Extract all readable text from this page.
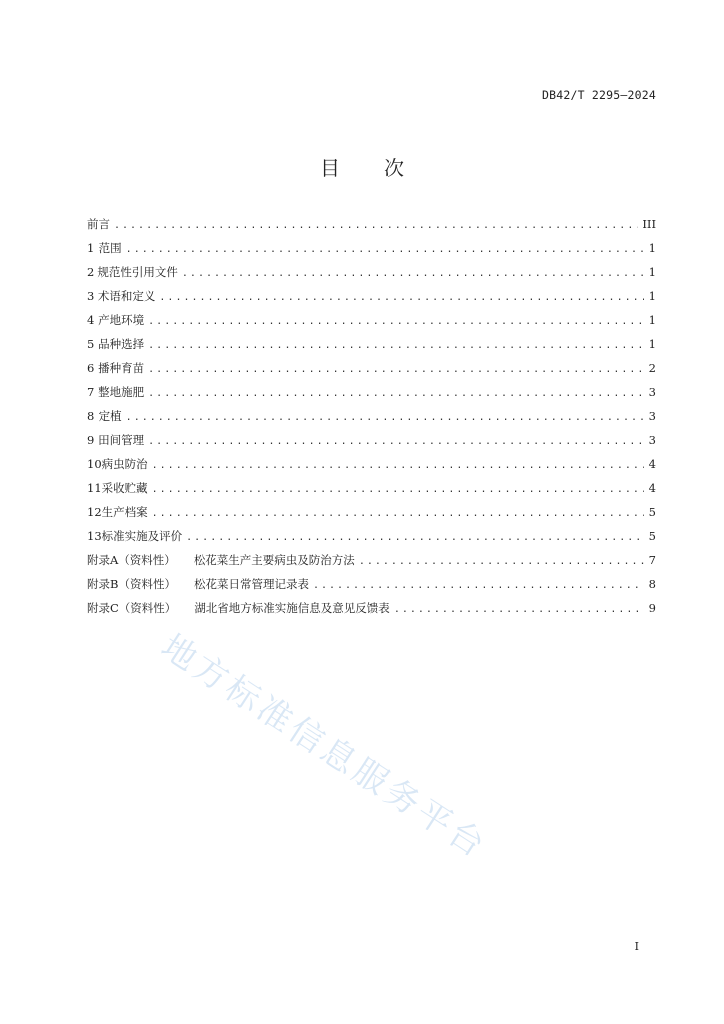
DB42/T 2295—2024
目 次
前言 .....	III
1 范围 .....	1
2 规范性引用文件 .....	1
3 术语和定义 .....	1
4 产地环境 .....	1
5 品种选择 .....	1
6 播种育苗 .....	2
7 整地施肥 .....	3
8 定植 .....	3
9 田间管理 .....	3
10 病虫防治 .....	4
11 采收贮藏 .....	4
12 生产档案 .....	5
13 标准实施及评价 .....	5
附录A（资料性） 松花菜生产主要病虫及防治方法 .....	7
附录B（资料性） 松花菜日常管理记录表 .....	8
附录C（资料性） 湖北省地方标准实施信息及意见反馈表 .....	9
I
地方标准信息服务平台
